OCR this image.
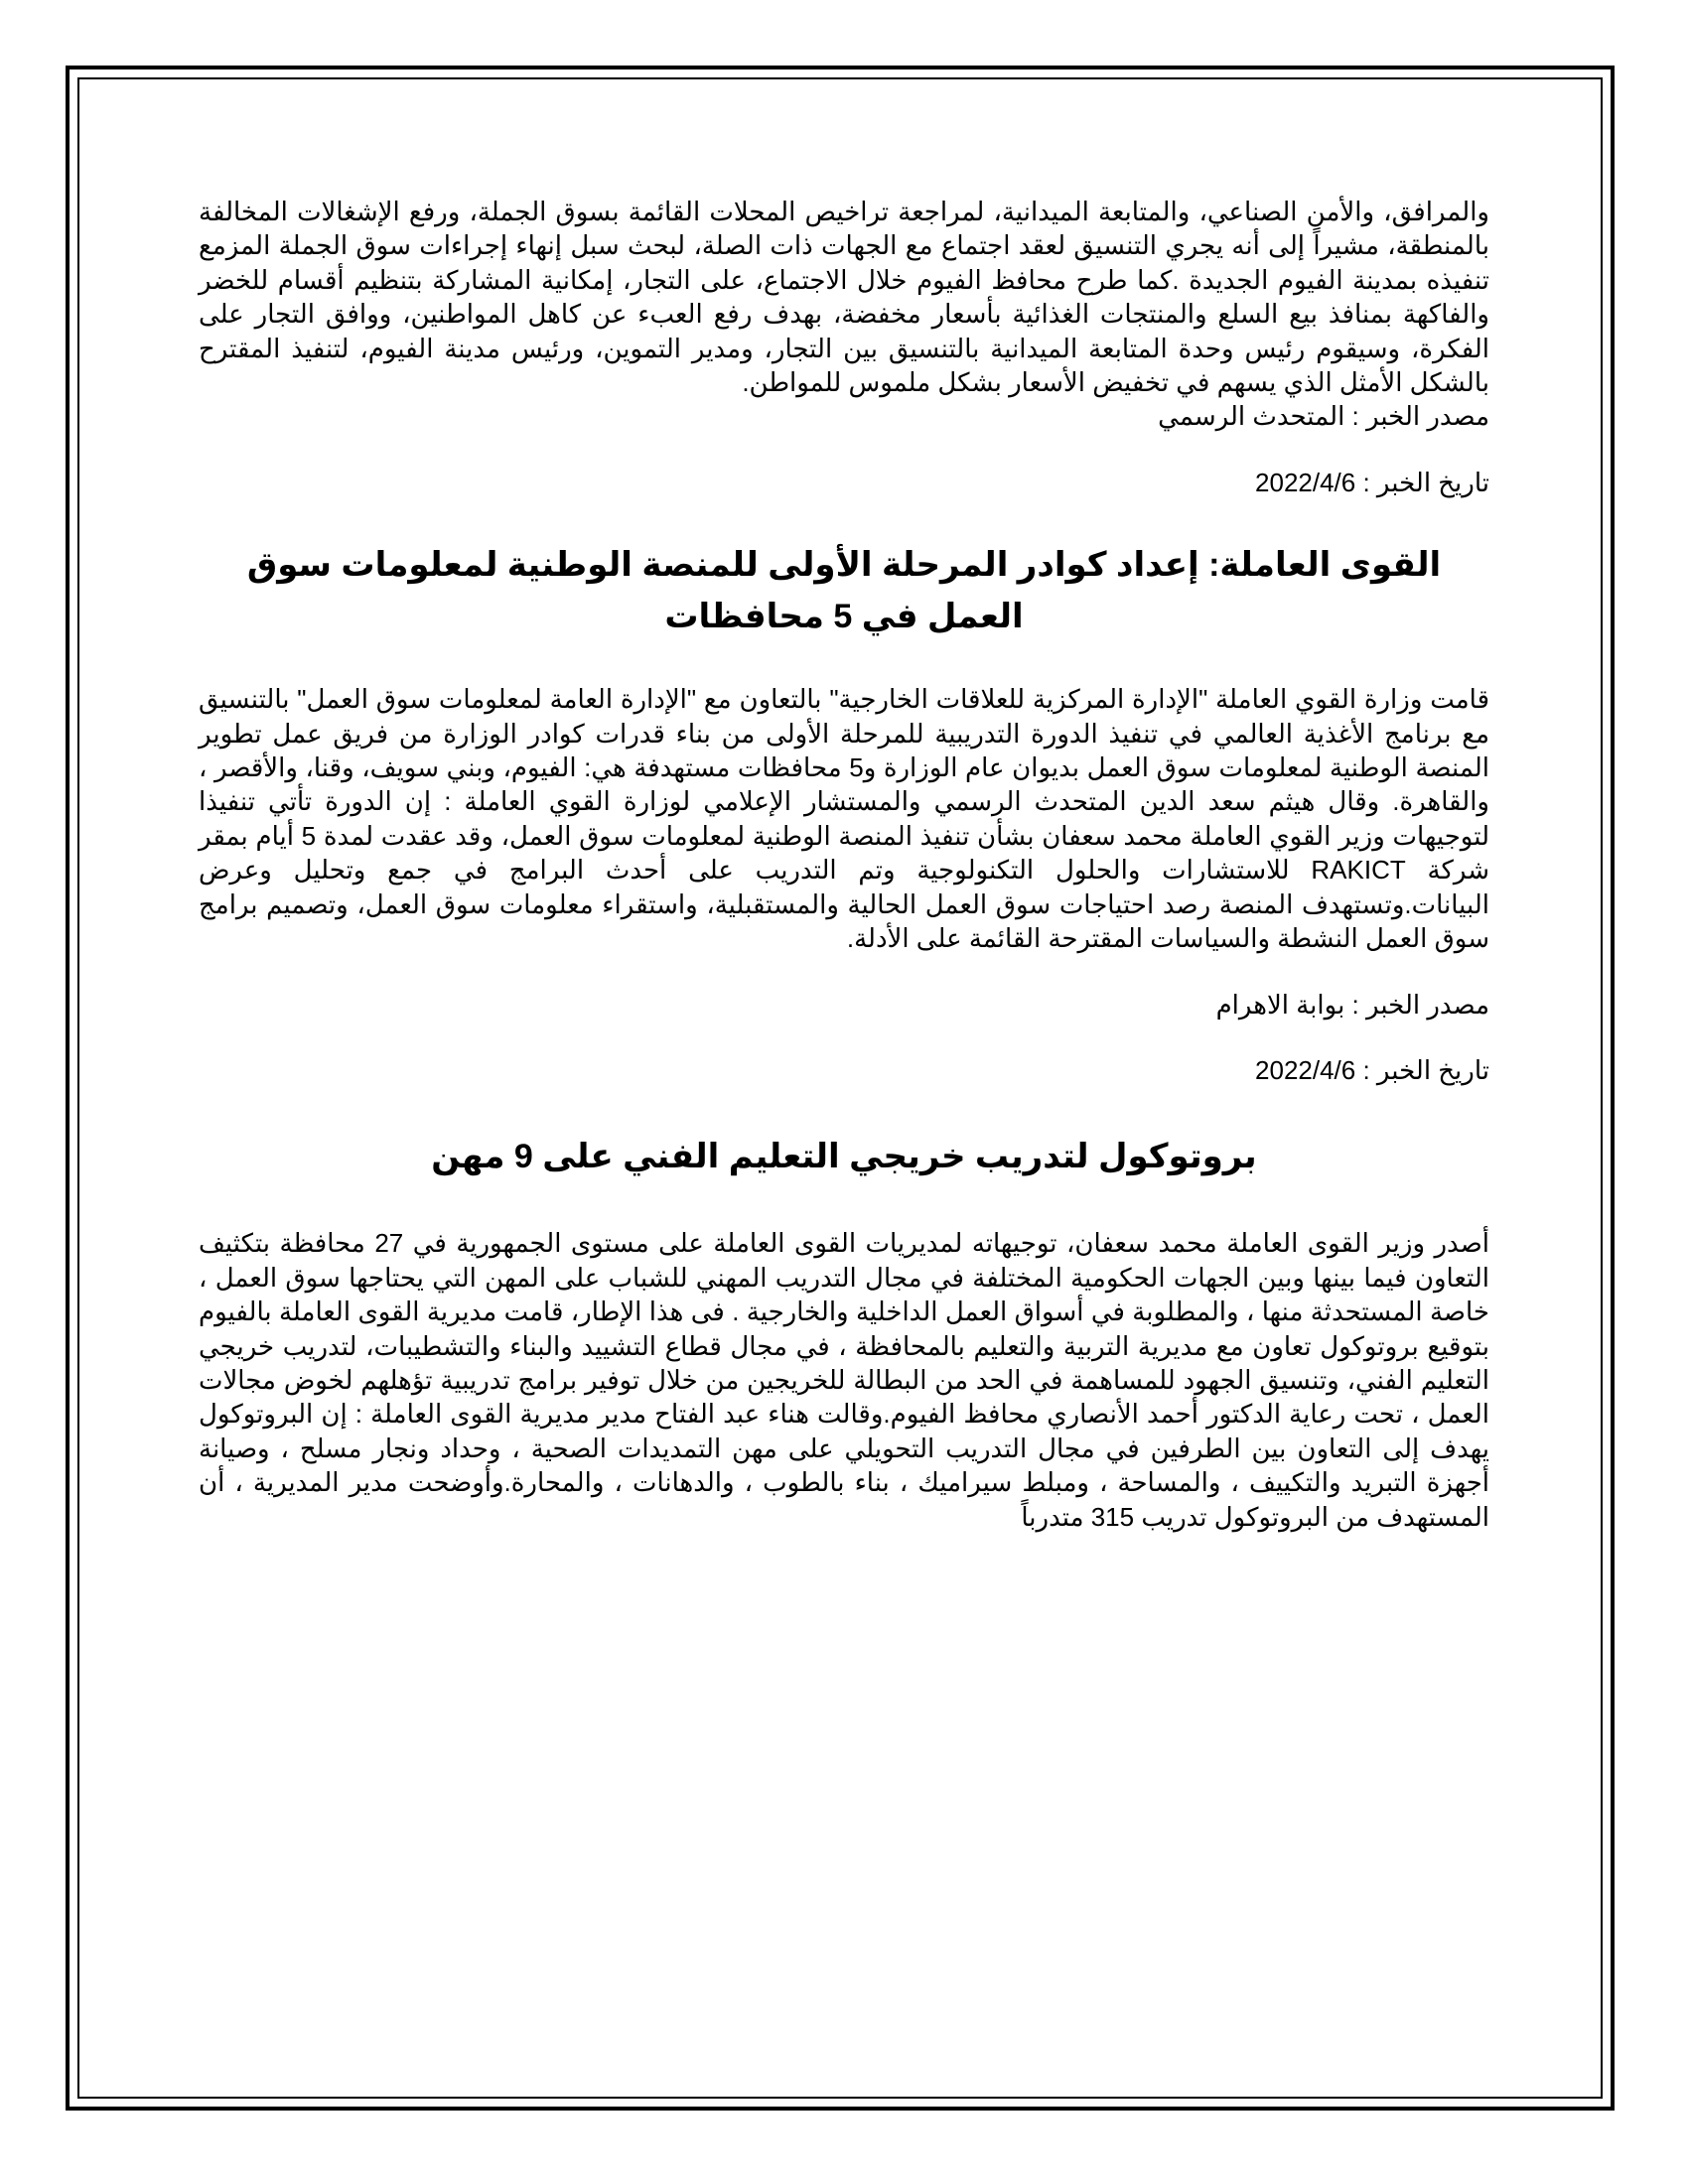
والمرافق، والأمن الصناعي، والمتابعة الميدانية، لمراجعة تراخيص المحلات القائمة بسوق الجملة، ورفع الإشغالات المخالفة بالمنطقة، مشيراً إلى أنه يجري التنسيق لعقد اجتماع مع الجهات ذات الصلة، لبحث سبل إنهاء إجراءات سوق الجملة المزمع تنفيذه بمدينة الفيوم الجديدة .كما طرح محافظ الفيوم خلال الاجتماع، على التجار، إمكانية المشاركة بتنظيم أقسام للخضر والفاكهة بمنافذ بيع السلع والمنتجات الغذائية بأسعار مخفضة، بهدف رفع العبء عن كاهل المواطنين، ووافق التجار على الفكرة، وسيقوم رئيس وحدة المتابعة الميدانية بالتنسيق بين التجار، ومدير التموين، ورئيس مدينة الفيوم، لتنفيذ المقترح بالشكل الأمثل الذي يسهم في تخفيض الأسعار بشكل ملموس للمواطن.

مصدر الخبر : المتحدث الرسمي

تاريخ الخبر : 2022/4/6

القوى العاملة: إعداد كوادر المرحلة الأولى للمنصة الوطنية لمعلومات سوق العمل في 5 محافظات

قامت وزارة القوي العاملة "الإدارة المركزية للعلاقات الخارجية" بالتعاون مع "الإدارة العامة لمعلومات سوق العمل" بالتنسيق مع برنامج الأغذية العالمي في تنفيذ الدورة التدريبية للمرحلة الأولى من بناء قدرات كوادر الوزارة من فريق عمل تطوير المنصة الوطنية لمعلومات سوق العمل بديوان عام الوزارة و5 محافظات مستهدفة هي: الفيوم، وبني سويف، وقنا، والأقصر ، والقاهرة. وقال هيثم سعد الدين المتحدث الرسمي والمستشار الإعلامي لوزارة القوي العاملة : إن الدورة تأتي تنفيذا لتوجيهات وزير القوي العاملة محمد سعفان بشأن تنفيذ المنصة الوطنية لمعلومات سوق العمل، وقد عقدت لمدة 5 أيام بمقر شركة RAKICT للاستشارات والحلول التكنولوجية وتم التدريب على أحدث البرامج في جمع وتحليل وعرض البيانات.وتستهدف المنصة رصد احتياجات سوق العمل الحالية والمستقبلية، واستقراء معلومات سوق العمل، وتصميم برامج سوق العمل النشطة والسياسات المقترحة القائمة على الأدلة.

مصدر الخبر : بوابة الاهرام

تاريخ الخبر : 2022/4/6

بروتوكول لتدريب خريجي التعليم الفني على 9 مهن

أصدر وزير القوى العاملة محمد سعفان، توجيهاته لمديريات القوى العاملة على مستوى الجمهورية في 27 محافظة بتكثيف التعاون فيما بينها وبين الجهات الحكومية المختلفة في مجال التدريب المهني للشباب على المهن التي يحتاجها سوق العمل ، خاصة المستحدثة منها ، والمطلوبة في أسواق العمل الداخلية والخارجية . فى هذا الإطار، قامت مديرية القوى العاملة بالفيوم بتوقيع بروتوكول تعاون مع مديرية التربية والتعليم بالمحافظة ، في مجال قطاع التشييد والبناء والتشطيبات، لتدريب خريجي التعليم الفني، وتنسيق الجهود للمساهمة في الحد من البطالة للخريجين من خلال توفير برامج تدريبية تؤهلهم لخوض مجالات العمل ، تحت رعاية الدكتور أحمد الأنصاري محافظ الفيوم.وقالت هناء عبد الفتاح مدير مديرية القوى العاملة : إن البروتوكول يهدف إلى التعاون بين الطرفين في مجال التدريب التحويلي على مهن التمديدات الصحية ، وحداد ونجار مسلح ، وصيانة أجهزة التبريد والتكييف ، والمساحة ، ومبلط سيراميك ، بناء بالطوب ، والدهانات ، والمحارة.وأوضحت مدير المديرية ، أن المستهدف من البروتوكول تدريب 315 متدرباً
